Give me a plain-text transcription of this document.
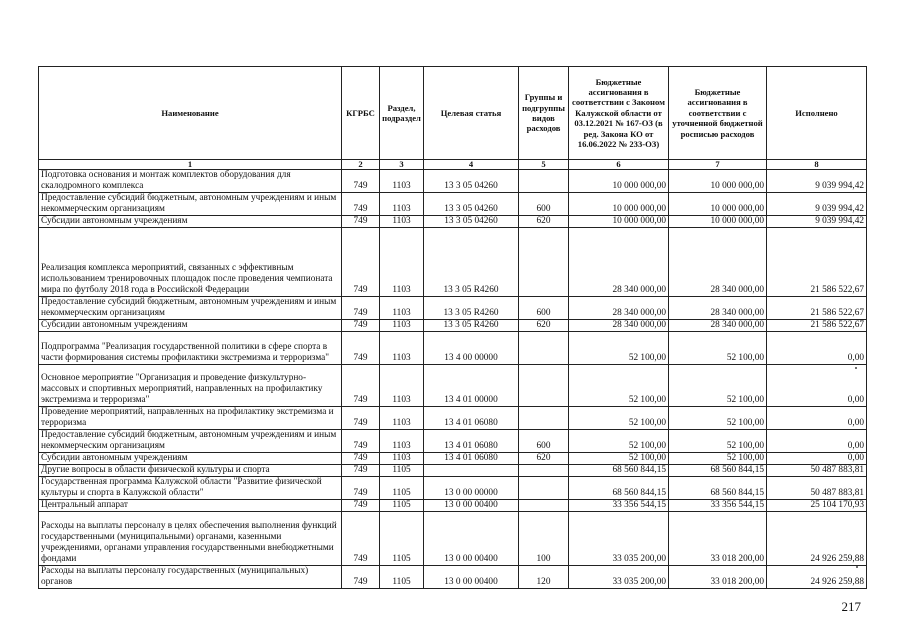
Наименование	КГРБС	Раздел, подраздел	Целевая статья	Группы и подгруппы видов расходов	Бюджетные ассигнования в соответствии с Законом Калужской области от 03.12.2021 № 167-ОЗ (в ред. Закона КО от 16.06.2022 № 233-ОЗ)	Бюджетные ассигнования в соответствии с уточненной бюджетной росписью расходов	Исполнено
1	2	3	4	5	6	7	8
Подготовка основания и монтаж комплектов оборудования для скалодромного комплекса	749	1103	13 3 05 04260		10 000 000,00	10 000 000,00	9 039 994,42
Предоставление субсидий бюджетным, автономным учреждениям и иным некоммерческим организациям	749	1103	13 3 05 04260	600	10 000 000,00	10 000 000,00	9 039 994,42
Субсидии автономным учреждениям	749	1103	13 3 05 04260	620	10 000 000,00	10 000 000,00	9 039 994,42
Реализация комплекса мероприятий, связанных с эффективным использованием тренировочных площадок после проведения чемпионата мира по футболу 2018 года в Российской Федерации	749	1103	13 3 05 R4260		28 340 000,00	28 340 000,00	21 586 522,67
Предоставление субсидий бюджетным, автономным учреждениям и иным некоммерческим организациям	749	1103	13 3 05 R4260	600	28 340 000,00	28 340 000,00	21 586 522,67
Субсидии автономным учреждениям	749	1103	13 3 05 R4260	620	28 340 000,00	28 340 000,00	21 586 522,67
Подпрограмма "Реализация государственной политики в сфере спорта в части формирования системы профилактики экстремизма и терроризма"	749	1103	13 4 00 00000		52 100,00	52 100,00	0,00
Основное мероприятие "Организация и проведение физкультурно-массовых и спортивных мероприятий, направленных на профилактику экстремизма и терроризма"	749	1103	13 4 01 00000		52 100,00	52 100,00	0,00
Проведение мероприятий, направленных на профилактику экстремизма и терроризма	749	1103	13 4 01 06080		52 100,00	52 100,00	0,00
Предоставление субсидий бюджетным, автономным учреждениям и иным некоммерческим организациям	749	1103	13 4 01 06080	600	52 100,00	52 100,00	0,00
Субсидии автономным учреждениям	749	1103	13 4 01 06080	620	52 100,00	52 100,00	0,00
Другие вопросы в области физической культуры и спорта	749	1105			68 560 844,15	68 560 844,15	50 487 883,81
Государственная программа Калужской области "Развитие физической культуры и спорта в Калужской области"	749	1105	13 0 00 00000		68 560 844,15	68 560 844,15	50 487 883,81
Центральный аппарат	749	1105	13 0 00 00400		33 356 544,15	33 356 544,15	25 104 170,93
Расходы на выплаты персоналу в целях обеспечения выполнения функций государственными (муниципальными) органами, казенными учреждениями, органами управления государственными внебюджетными фондами	749	1105	13 0 00 00400	100	33 035 200,00	33 018 200,00	24 926 259,88
Расходы на выплаты персоналу государственных (муниципальных) органов	749	1105	13 0 00 00400	120	33 035 200,00	33 018 200,00	24 926 259,88
217
